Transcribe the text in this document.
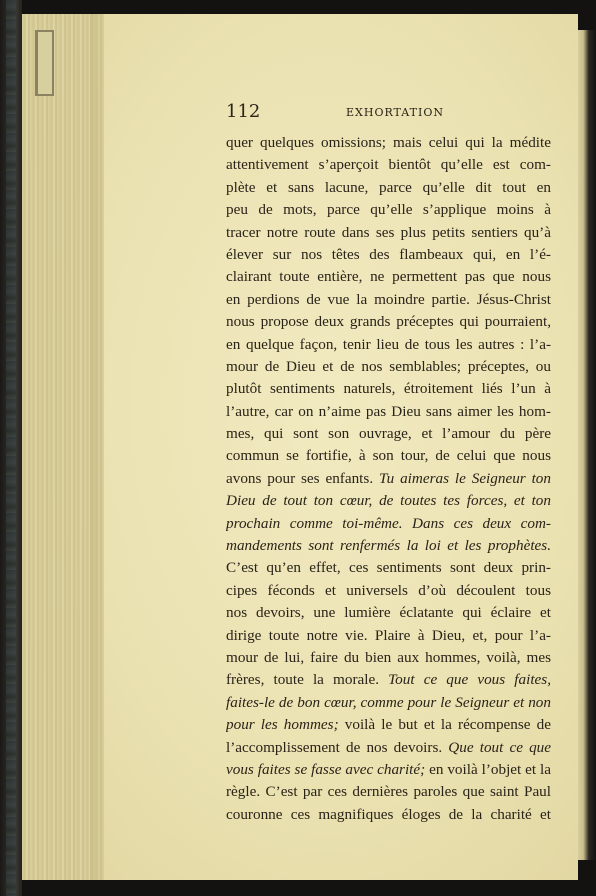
112	EXHORTATION
quer quelques omissions; mais celui qui la médite
attentivement s’aperçoit bientôt qu’elle est com-
plète et sans lacune, parce qu’elle dit tout en
peu de mots, parce qu’elle s’applique moins à
tracer notre route dans ses plus petits sentiers qu’à
élever sur nos têtes des flambeaux qui, en l’é-
clairant toute entière, ne permettent pas que nous
en perdions de vue la moindre partie. Jésus-Christ
nous propose deux grands préceptes qui pourraient,
en quelque façon, tenir lieu de tous les autres : l’a-
mour de Dieu et de nos semblables; préceptes, ou
plutôt sentiments naturels, étroitement liés l’un à
l’autre, car on n’aime pas Dieu sans aimer les hom-
mes, qui sont son ouvrage, et l’amour du père
commun se fortifie, à son tour, de celui que nous
avons pour ses enfants. Tu aimeras le Seigneur ton
Dieu de tout ton cœur, de toutes tes forces, et ton
prochain comme toi-même. Dans ces deux com-
mandements sont renfermés la loi et les prophètes.
C’est qu’en effet, ces sentiments sont deux prin-
cipes féconds et universels d’où découlent tous
nos devoirs, une lumière éclatante qui éclaire et
dirige toute notre vie. Plaire à Dieu, et, pour l’a-
mour de lui, faire du bien aux hommes, voilà, mes
frères, toute la morale. Tout ce que vous faites,
faites-le de bon cœur, comme pour le Seigneur et non
pour les hommes; voilà le but et la récompense de
l’accomplissement de nos devoirs. Que tout ce que
vous faites se fasse avec charité; en voilà l’objet et la
règle. C’est par ces dernières paroles que saint Paul
couronne ces magnifiques éloges de la charité et
